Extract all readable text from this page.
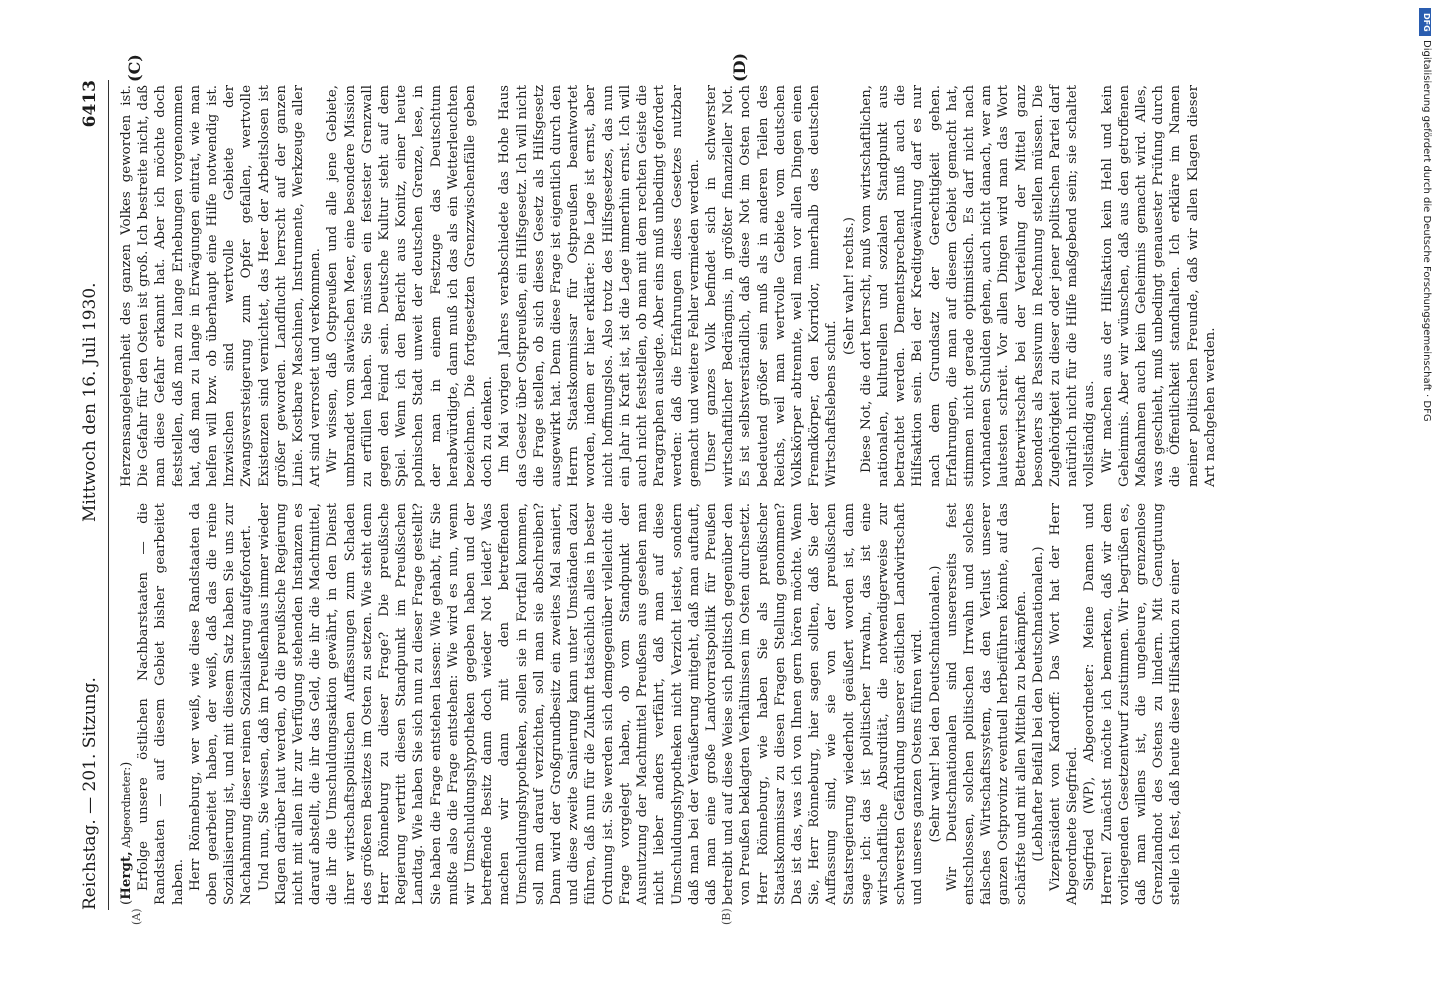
Reichstag. — 201. Sitzung.
Mittwoch den 16. Juli 1930.
6413

(Hergt, Abgeordneter:) Erfolge unsere östlichen Nachbarstaaten — die Randstaaten — auf diesem Gebiet bisher gearbeitet haben. Herr Rönneburg, wer weiß, wie diese Randstaaten da oben gearbeitet haben, der weiß, daß das die reine Sozialisierung ist, und mit diesem Satz haben Sie uns zur Nachahmung dieser reinen Sozialisierung aufgefordert. Und nun, Sie wissen, daß im Preußenhaus immer wieder Klagen darüber laut werden, ob die preußische Regierung nicht mit allen ihr zur Verfügung stehenden Instanzen es darauf abstellt, die ihr das Geld, die ihr die Machtmittel, die ihr die Umschuldungsaktion gewährt, in den Dienst ihrer wirtschaftspolitischen Auffassungen zum Schaden des größeren Besitzes im Osten zu setzen. Wie steht denn Herr Rönneburg zu dieser Frage? Die preußische Regierung vertritt diesen Standpunkt im Preußischen Landtag. Wie haben Sie sich nun zu dieser Frage gestellt? Sie haben die Frage entstehen lassen: Wie gehabt, für Sie mußte also die Frage entstehen: Wie wird es nun, wenn wir Umschuldungshypotheken gegeben haben und der betreffende Besitz dann doch wieder Not leidet? Was machen wir dann mit den betreffenden Umschuldungshypotheken, sollen sie in Fortfall kommen, soll man darauf verzichten, soll man sie abschreiben? Dann wird der Großgrundbesitz ein zweites Mal saniert, und diese zweite Sanierung kann unter Umständen dazu führen, daß nun für die Zukunft tatsächlich alles in bester Ordnung ist. Sie werden sich demgegenüber vielleicht die Frage vorgelegt haben, ob vom Standpunkt der Ausnutzung der Machtmittel Preußens aus gesehen man nicht lieber anders verfährt, daß man auf diese Umschuldungshypotheken nicht Verzicht leistet, sondern daß man bei der Veräußerung mitgeht, daß man auftauft, daß man eine große Landvorratspolitik für Preußen betreibt und auf diese Weise sich politisch gegenüber den von Preußen beklagten Verhältnissen im Osten durchsetzt. Herr Rönneburg, wie haben Sie als preußischer Staatskommissar zu diesen Fragen Stellung genommen? Das ist das, was ich von Ihnen gern hören möchte. Wenn Sie, Herr Rönneburg, hier sagen sollten, daß Sie der Auffassung sind, wie sie von der preußischen Staatsregierung wiederholt geäußert worden ist, dann sage ich: das ist politischer Irrwahn, das ist eine wirtschaftliche Absurdität, die notwendigerweise zur schwersten Gefährdung unserer östlichen Landwirtschaft und unseres ganzen Ostens führen wird. (Sehr wahr! bei den Deutschnationalen.) Wir Deutschnationalen sind unsererseits fest entschlossen, solchen politischen Irrwahn und solches falsches Wirtschaftssystem, das den Verlust unserer ganzen Ostprovinz eventuell herbeiführen könnte, auf das schärfste und mit allen Mitteln zu bekämpfen. (Lebhafter Beifall bei den Deutschnationalen.) Vizepräsident von Kardorff: Das Wort hat der Herr Abgeordnete Siegfried. Siegfried (WP), Abgeordneter: Meine Damen und Herren! Zunächst möchte ich bemerken, daß wir dem vorliegenden Gesetzentwurf zustimmen. Wir begrüßen es, daß man willens ist, die ungeheure, grenzenlose Grenzlandnot des Ostens zu lindern. Mit Genugtuung stelle ich fest, daß heute diese Hilfsaktion zu einer

(A)	(B)

Herzensangelegenheit des ganzen Volkes geworden ist. Die Gefahr für den Osten ist groß. Ich bestreite nicht, daß man diese Gefahr erkannt hat. Aber ich möchte doch feststellen, daß man zu lange Erhebungen vorgenommen hat, daß man zu lange in Erwägungen eintrat, wie man helfen will bzw. ob überhaupt eine Hilfe notwendig ist. Inzwischen sind wertvolle Gebiete der Zwangsversteigerung zum Opfer gefallen, wertvolle Existenzen sind vernichtet, das Heer der Arbeitslosen ist größer geworden. Landflucht herrscht auf der ganzen Linie. Kostbare Maschinen, Instrumente, Werkzeuge aller Art sind verrostet und verkommen. Wir wissen, daß Ostpreußen und alle jene Gebiete, umbrandet vom slawischen Meer, eine besondere Mission zu erfüllen haben. Sie müssen ein festester Grenzwall gegen den Feind sein. Deutsche Kultur steht auf dem Spiel. Wenn ich den Bericht aus Konitz, einer heute polnischen Stadt unweit der deutschen Grenze, lese, in der man in einem Festzuge das Deutschtum herabwürdigte, dann muß ich das als ein Wetterleuchten bezeichnen. Die fortgesetzten Grenzzwischenfälle geben doch zu denken. Im Mai vorigen Jahres verabschiedete das Hohe Haus das Gesetz über Ostpreußen, ein Hilfsgesetz. Ich will nicht die Frage stellen, ob sich dieses Gesetz als Hilfsgesetz ausgewirkt hat. Denn diese Frage ist eigentlich durch den Herrn Staatskommissar für Ostpreußen beantwortet worden, indem er hier erklärte: Die Lage ist ernst, aber nicht hoffnungslos. Also trotz des Hilfsgesetzes, das nun ein Jahr in Kraft ist, ist die Lage immerhin ernst. Ich will auch nicht feststellen, ob man mit dem rechten Geiste die Paragraphen auslegte. Aber eins muß unbedingt gefordert werden: daß die Erfahrungen dieses Gesetzes nutzbar gemacht und weitere Fehler vermieden werden. Unser ganzes Volk befindet sich in schwerster wirtschaftlicher Bedrängnis, in größter finanzieller Not. Es ist selbstverständlich, daß diese Not im Osten noch bedeutend größer sein muß als in anderen Teilen des Reichs, weil man wertvolle Gebiete vom deutschen Volkskörper abtrennte, weil man vor allen Dingen einen Fremdkörper, den Korridor, innerhalb des deutschen Wirtschaftslebens schuf.

(Sehr wahr! rechts.) Diese Not, die dort herrscht, muß vom wirtschaftlichen, nationalen, kulturellen und sozialen Standpunkt aus betrachtet werden. Dementsprechend muß auch die Hilfsaktion sein. Bei der Kreditgewährung darf es nur nach dem Grundsatz der Gerechtigkeit gehen. Erfahrungen, die man auf diesem Gebiet gemacht hat, stimmen nicht gerade optimistisch. Es darf nicht nach vorhandenen Schulden gehen, auch nicht danach, wer am lautesten schreit. Vor allen Dingen wird man das Wort Betterwirtschaft bei der Verteilung der Mittel ganz besonders als Passivum in Rechnung stellen müssen. Die Zugehörigkeit zu dieser oder jener politischen Partei darf natürlich nicht für die Hilfe maßgebend sein; sie schaltet vollständig aus. Wir machen aus der Hilfsaktion kein Hehl und kein Geheimnis. Aber wir wünschen, daß aus den getroffenen Maßnahmen auch kein Geheimnis gemacht wird. Alles, was geschieht, muß unbedingt genauester Prüfung durch die Öffentlichkeit standhalten. Ich erkläre im Namen meiner politischen Freunde, daß wir allen Klagen dieser Art nachgehen werden.

(C)	(D)
DFG
Digitalisierung gefördert durch die Deutsche Forschungsgemeinschaft · DFG
